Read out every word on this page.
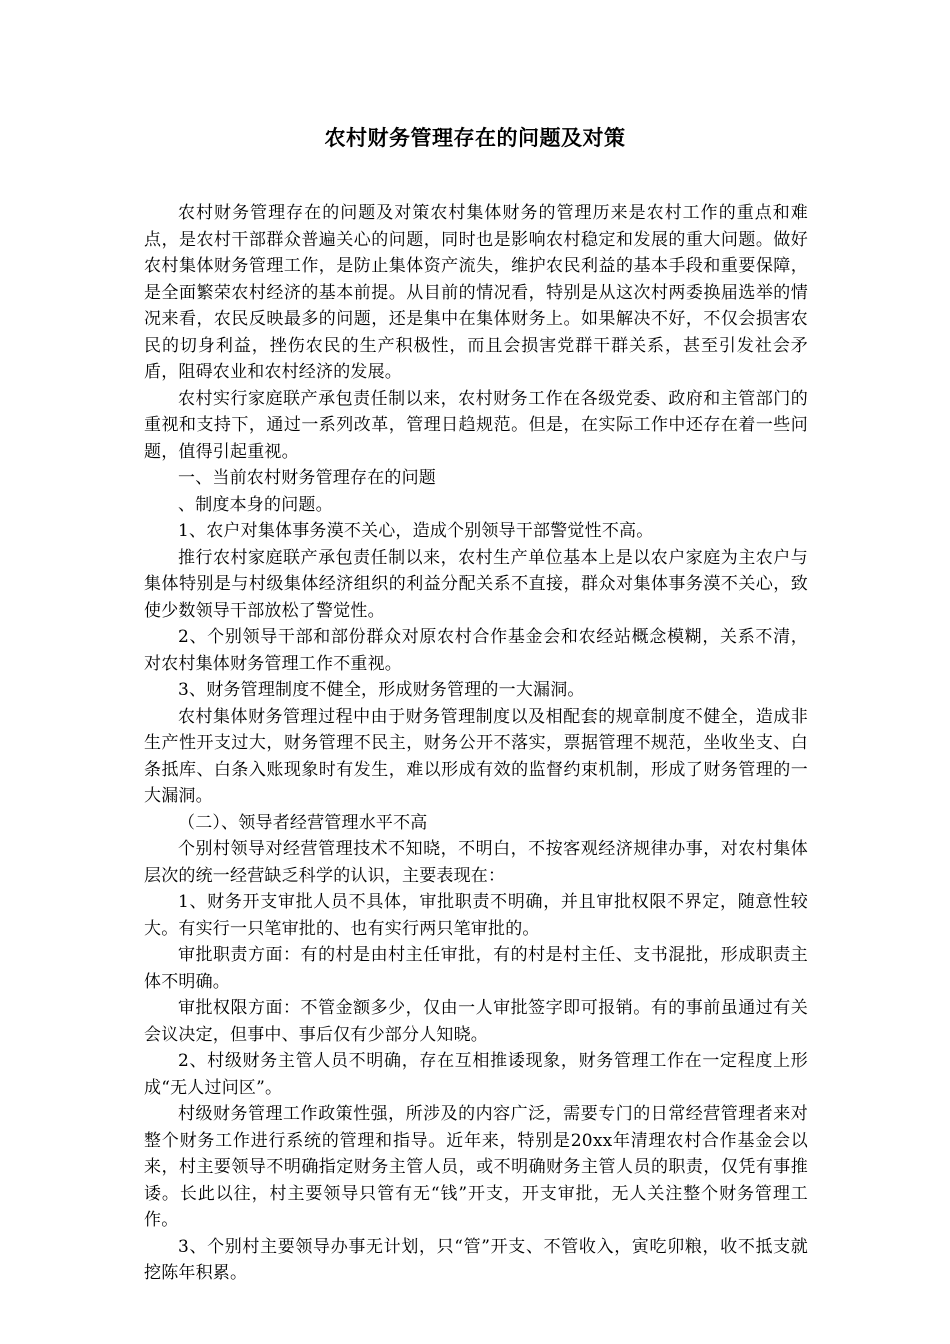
农村财务管理存在的问题及对策

农村财务管理存在的问题及对策农村集体财务的管理历来是农村工作的重点和难点，是农村干部群众普遍关心的问题，同时也是影响农村稳定和发展的重大问题。做好农村集体财务管理工作，是防止集体资产流失，维护农民利益的基本手段和重要保障，是全面繁荣农村经济的基本前提。从目前的情况看，特别是从这次村两委换届选举的情况来看，农民反映最多的问题，还是集中在集体财务上。如果解决不好，不仅会损害农民的切身利益，挫伤农民的生产积极性，而且会损害党群干群关系，甚至引发社会矛盾，阻碍农业和农村经济的发展。

农村实行家庭联产承包责任制以来，农村财务工作在各级党委、政府和主管部门的重视和支持下，通过一系列改革，管理日趋规范。但是，在实际工作中还存在着一些问题，值得引起重视。

一、当前农村财务管理存在的问题

、制度本身的问题。

1、农户对集体事务漠不关心，造成个别领导干部警觉性不高。

推行农村家庭联产承包责任制以来，农村生产单位基本上是以农户家庭为主农户与集体特别是与村级集体经济组织的利益分配关系不直接，群众对集体事务漠不关心，致使少数领导干部放松了警觉性。

2、个别领导干部和部份群众对原农村合作基金会和农经站概念模糊，关系不清，对农村集体财务管理工作不重视。

3、财务管理制度不健全，形成财务管理的一大漏洞。

农村集体财务管理过程中由于财务管理制度以及相配套的规章制度不健全，造成非生产性开支过大，财务管理不民主，财务公开不落实，票据管理不规范，坐收坐支、白条抵库、白条入账现象时有发生，难以形成有效的监督约束机制，形成了财务管理的一大漏洞。

（二）、领导者经营管理水平不高

个别村领导对经营管理技术不知晓，不明白，不按客观经济规律办事，对农村集体层次的统一经营缺乏科学的认识，主要表现在：

1、财务开支审批人员不具体，审批职责不明确，并且审批权限不界定，随意性较大。有实行一只笔审批的、也有实行两只笔审批的。

审批职责方面：有的村是由村主任审批，有的村是村主任、支书混批，形成职责主体不明确。

审批权限方面：不管金额多少，仅由一人审批签字即可报销。有的事前虽通过有关会议决定，但事中、事后仅有少部分人知晓。

2、村级财务主管人员不明确，存在互相推诿现象，财务管理工作在一定程度上形成“无人过问区”。

村级财务管理工作政策性强，所涉及的内容广泛，需要专门的日常经营管理者来对整个财务工作进行系统的管理和指导。近年来，特别是20xx年清理农村合作基金会以来，村主要领导不明确指定财务主管人员，或不明确财务主管人员的职责，仅凭有事推诿。长此以往，村主要领导只管有无“钱”开支，开支审批，无人关注整个财务管理工作。

3、个别村主要领导办事无计划，只“管”开支、不管收入，寅吃卯粮，收不抵支就挖陈年积累。
